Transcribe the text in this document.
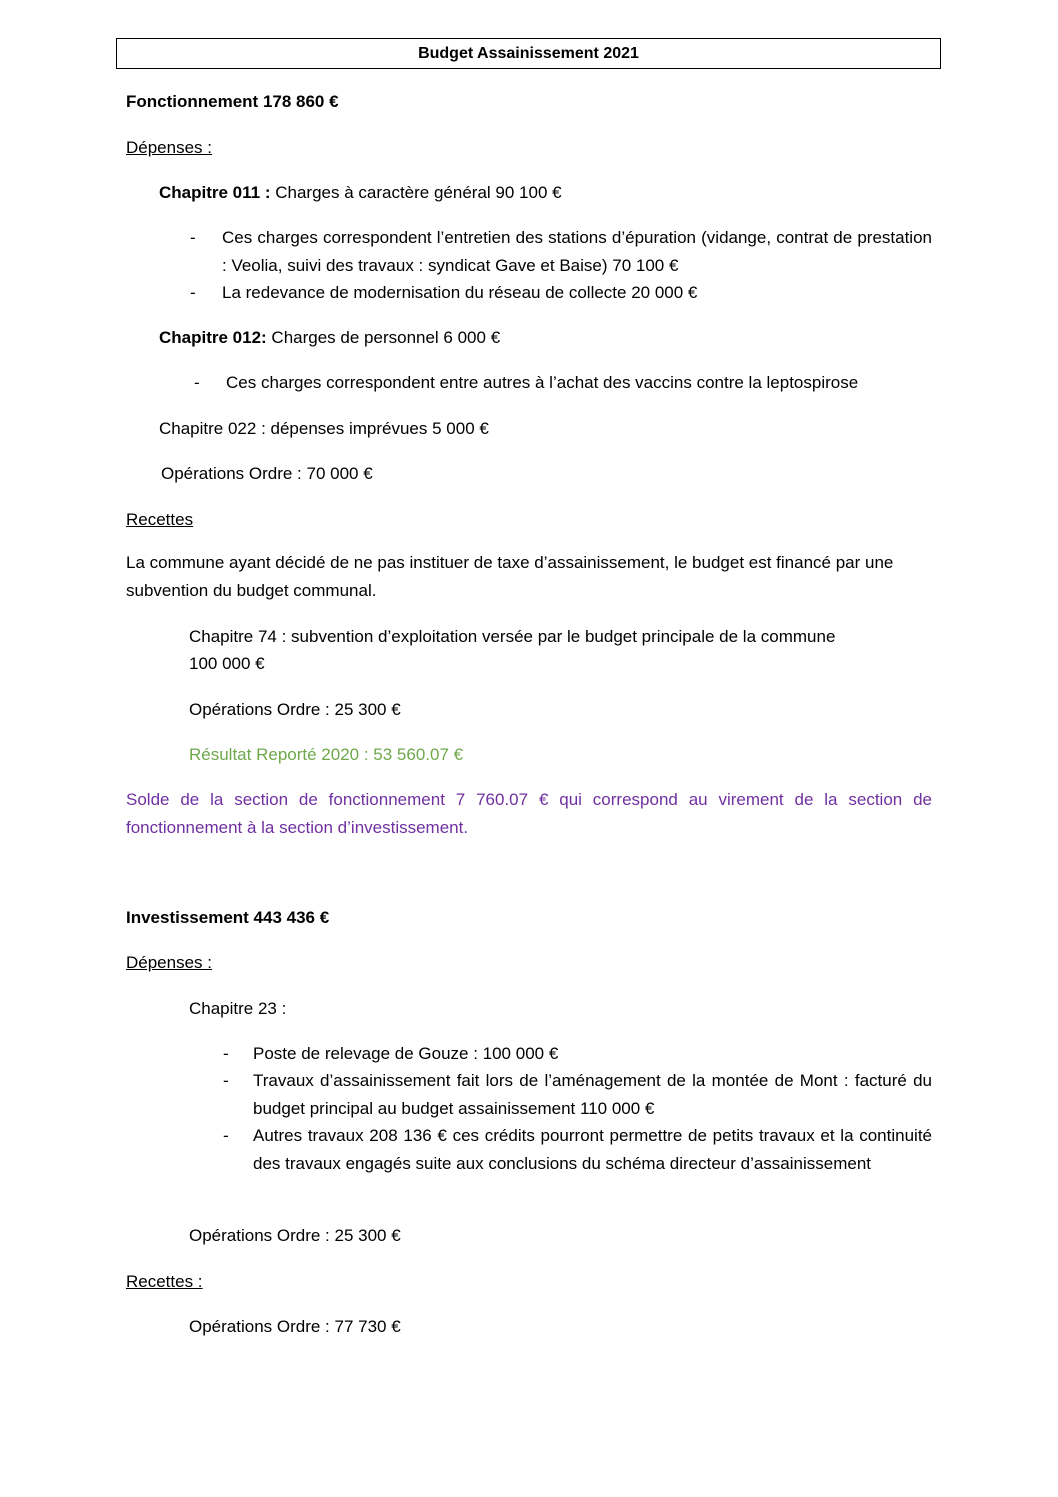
Budget Assainissement 2021
Fonctionnement 178 860 €
Dépenses :
Chapitre 011 : Charges à caractère général 90 100 €
- Ces charges correspondent l’entretien des stations d’épuration (vidange, contrat de prestation : Veolia, suivi des travaux : syndicat Gave et Baise) 70 100 €
- La redevance de modernisation du réseau de collecte 20 000 €
Chapitre 012: Charges de personnel 6 000 €
- Ces charges correspondent entre autres à l’achat des vaccins contre la leptospirose
Chapitre 022 : dépenses imprévues 5 000 €
Opérations Ordre : 70 000 €
Recettes
La commune ayant décidé de ne pas instituer de taxe d’assainissement, le budget est financé par une subvention du budget communal.
Chapitre 74 : subvention d’exploitation versée par le budget principale de la commune
100 000 €
Opérations Ordre : 25 300 €
Résultat Reporté 2020 : 53 560.07 €
Solde de la section de fonctionnement 7 760.07 € qui correspond au virement de la section de fonctionnement à la section d’investissement.
Investissement 443 436 €
Dépenses :
Chapitre 23 :
- Poste de relevage de Gouze : 100 000 €
- Travaux d’assainissement fait lors de l’aménagement de la montée de Mont : facturé du budget principal au budget assainissement 110 000 €
- Autres travaux 208 136 € ces crédits pourront permettre de petits travaux et la continuité des travaux engagés suite aux conclusions du schéma directeur d’assainissement
Opérations Ordre : 25 300 €
Recettes :
Opérations Ordre : 77 730 €
